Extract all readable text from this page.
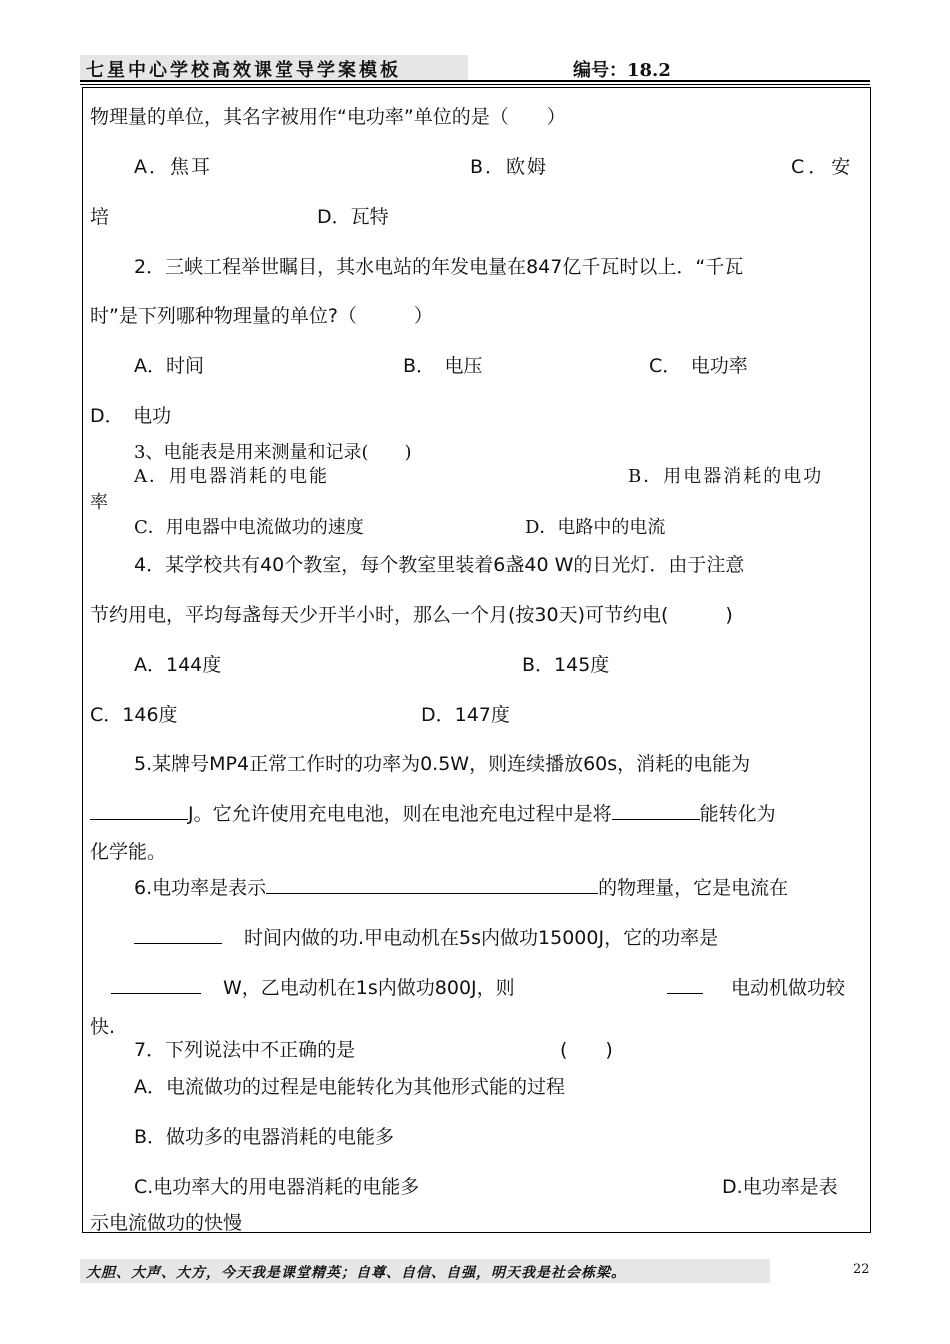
七星中心学校高效课堂导学案模板	编号：18.2
物理量的单位，其名字被用作“电功率”单位的是（　　）
A．焦耳	B．欧姆	C．安
培	D．瓦特
2．三峡工程举世瞩目，其水电站的年发电量在847亿千瓦时以上．“千瓦
时”是下列哪种物理量的单位?（　　　）
A．时间	B．　电压	C．　电功率
D．　电功
3、电能表是用来测量和记录(　　)
A．用电器消耗的电能	B．用电器消耗的电功
率
C．用电器中电流做功的速度	D．电路中的电流
4．某学校共有40个教室，每个教室里装着6盏40 W的日光灯．由于注意
节约用电，平均每盏每天少开半小时，那么一个月(按30天)可节约电(　　　)
A．144度	B．145度
C．146度	D．147度
5.某牌号MP4正常工作时的功率为0.5W，则连续播放60s，消耗的电能为
J。它允许使用充电电池，则在电池充电过程中是将	能转化为
化学能。
6.电功率是表示	的物理量，它是电流在
时间内做的功.甲电动机在5s内做功15000J，它的功率是
W，乙电动机在1s内做功800J，则	电动机做功较
快.
7．下列说法中不正确的是	(　　)
A．电流做功的过程是电能转化为其他形式能的过程
B．做功多的电器消耗的电能多
C.电功率大的用电器消耗的电能多	D.电功率是表
示电流做功的快慢
大胆、大声、大方，今天我是课堂精英；自尊、自信、自强，明天我是社会栋梁。	22
